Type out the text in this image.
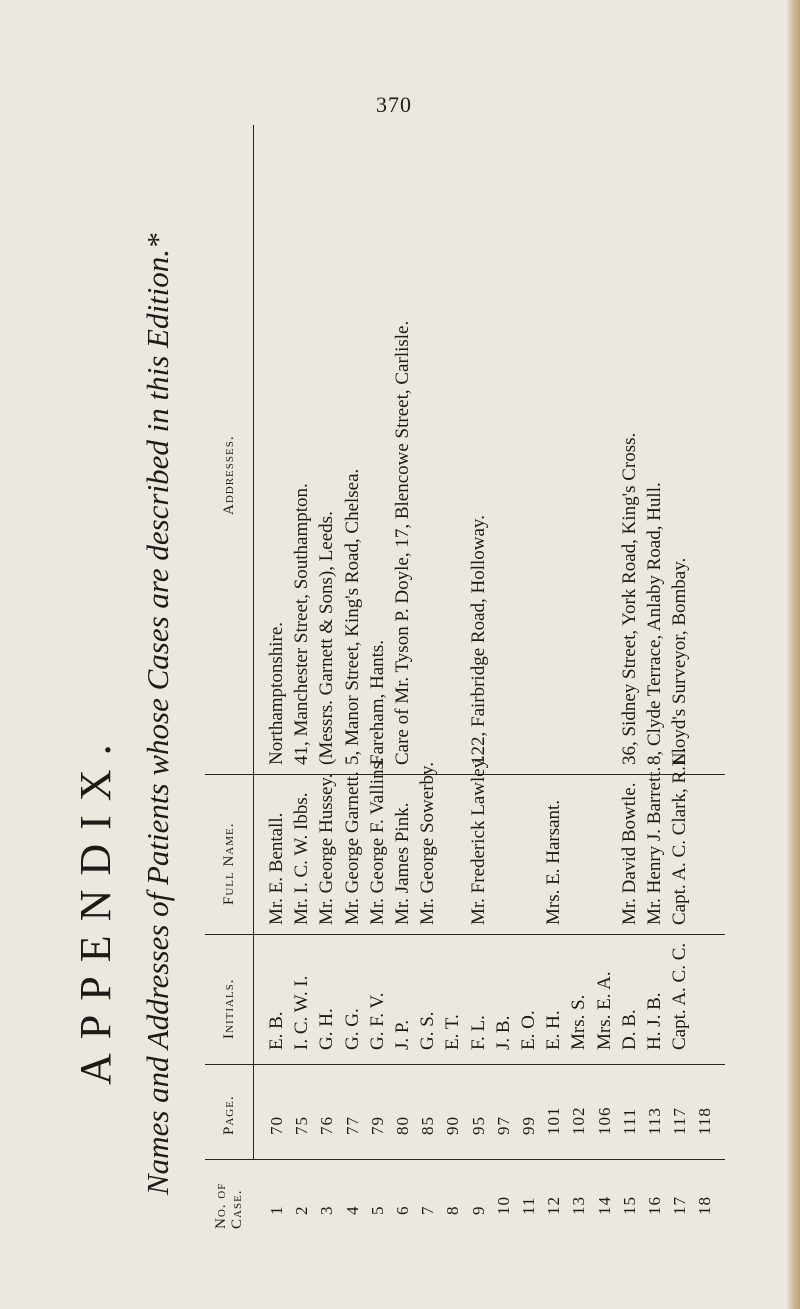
370
APPENDIX. Names and Addresses of Patients whose Cases are described in this Edition.*
No. of Case.
Page.
Initials.
Full Name.
Addresses.
1
70
E. B.
Mr. E. Bentall.
Northamptonshire.
2
75
I. C. W. I.
Mr. I. C. W. Ibbs.
41, Manchester Street, Southampton.
3
76
G. H.
Mr. George Hussey.
(Messrs. Garnett & Sons), Leeds.
4
77
G. G.
Mr. George Garnett.
5, Manor Street, King's Road, Chelsea.
5
79
G. F. V.
Mr. George F. Vallins.
Fareham, Hants.
6
80
J. P.
Mr. James Pink.
Care of Mr. Tyson P. Doyle, 17, Blencowe Street, Carlisle.
7
85
G. S.
Mr. George Sowerby.
8
90
E. T.
9
95
F. L.
Mr. Frederick Lawley.
122, Fairbridge Road, Holloway.
10
97
J. B.
11
99
E. O.
12
101
E. H.
Mrs. E. Harsant.
13
102
Mrs. S.
14
106
Mrs. E. A.
15
111
D. B.
Mr. David Bowtle.
36, Sidney Street, York Road, King's Cross.
16
113
H. J. B.
Mr. Henry J. Barrett.
8, Clyde Terrace, Anlaby Road, Hull.
17
117
Capt. A. C. C.
Capt. A. C. Clark, R.N.
Lloyd's Surveyor, Bombay.
18
118
